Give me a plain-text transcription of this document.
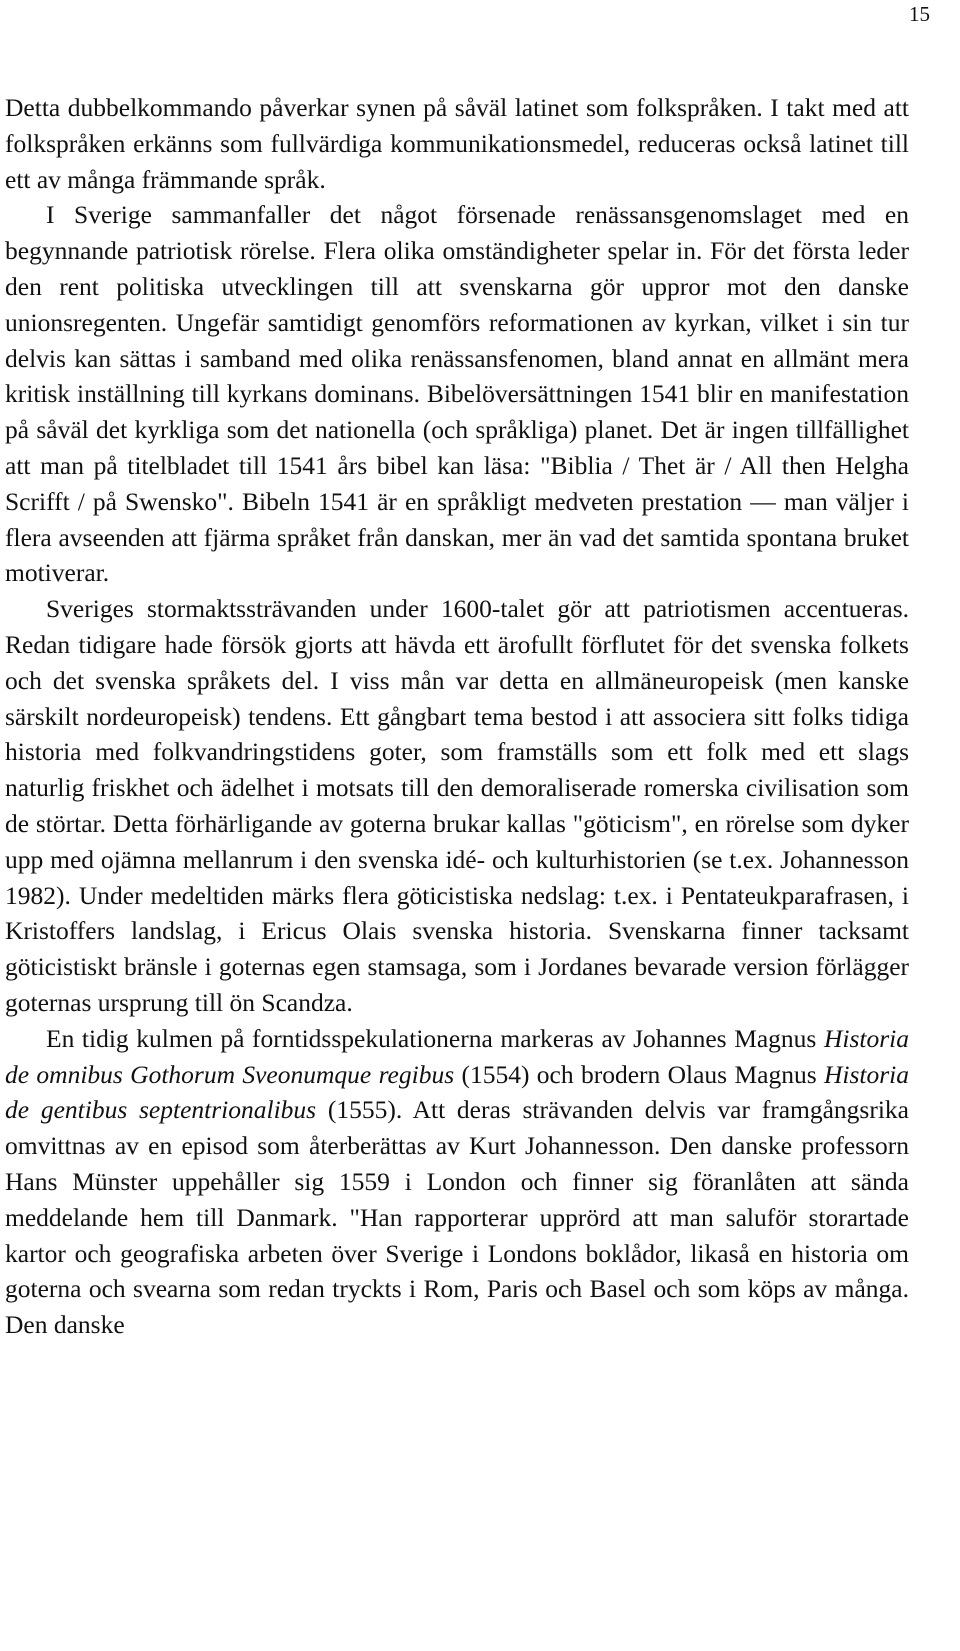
15

Detta dubbelkommando påverkar synen på såväl latinet som folkspråken. I takt med att folkspråken erkänns som fullvärdiga kommunikationsmedel, reduceras också latinet till ett av många främmande språk.

I Sverige sammanfaller det något försenade renässansgenomslaget med en begynnande patriotisk rörelse. Flera olika omständigheter spelar in. För det första leder den rent politiska utvecklingen till att svenskarna gör uppror mot den danske unionsregenten. Ungefär samtidigt genomförs reformationen av kyrkan, vilket i sin tur delvis kan sättas i samband med olika renässansfenomen, bland annat en allmänt mera kritisk inställning till kyrkans dominans. Bibelöversättningen 1541 blir en manifestation på såväl det kyrkliga som det nationella (och språkliga) planet. Det är ingen tillfällighet att man på titelbladet till 1541 års bibel kan läsa: "Biblia / Thet är / All then Helgha Scrifft / på Swensko". Bibeln 1541 är en språkligt medveten prestation — man väljer i flera avseenden att fjärma språket från danskan, mer än vad det samtida spontana bruket motiverar.

Sveriges stormaktssträvanden under 1600-talet gör att patriotismen accentueras. Redan tidigare hade försök gjorts att hävda ett ärofullt förflutet för det svenska folkets och det svenska språkets del. I viss mån var detta en allmäneuropeisk (men kanske särskilt nordeuropeisk) tendens. Ett gångbart tema bestod i att associera sitt folks tidiga historia med folkvandringstidens goter, som framställs som ett folk med ett slags naturlig friskhet och ädelhet i motsats till den demoraliserade romerska civilisation som de störtar. Detta förhärligande av goterna brukar kallas "göticism", en rörelse som dyker upp med ojämna mellanrum i den svenska idé- och kulturhistorien (se t.ex. Johannesson 1982). Under medeltiden märks flera göticistiska nedslag: t.ex. i Pentateukparafrasen, i Kristoffers landslag, i Ericus Olais svenska historia. Svenskarna finner tacksamt göticistiskt bränsle i goternas egen stamsaga, som i Jordanes bevarade version förlägger goternas ursprung till ön Scandza.

En tidig kulmen på forntidsspekulationerna markeras av Johannes Magnus Historia de omnibus Gothorum Sveonumque regibus (1554) och brodern Olaus Magnus Historia de gentibus septentrionalibus (1555). Att deras strävanden delvis var framgångsrika omvittnas av en episod som återberättas av Kurt Johannesson. Den danske professorn Hans Münster uppehåller sig 1559 i London och finner sig föranlåten att sända meddelande hem till Danmark. "Han rapporterar upprörd att man saluför storartade kartor och geografiska arbeten över Sverige i Londons boklådor, likaså en historia om goterna och svearna som redan tryckts i Rom, Paris och Basel och som köps av många. Den danske
